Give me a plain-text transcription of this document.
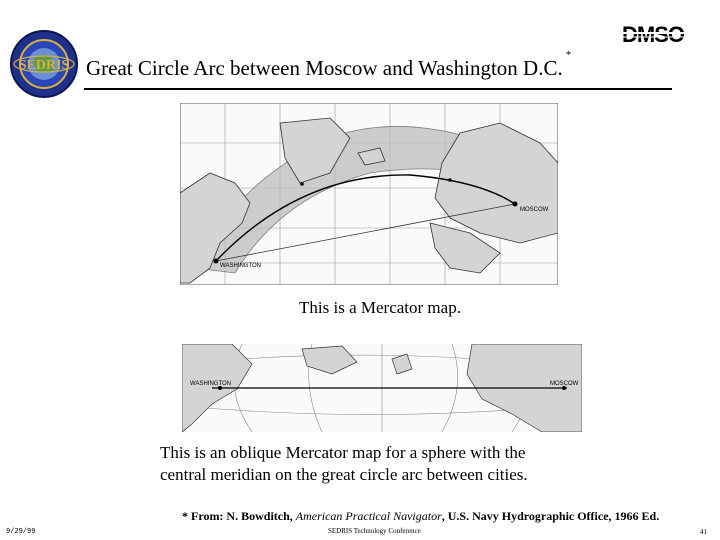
SEDRIS
DMSO
Great Circle Arc between Moscow and Washington D.C.*
WASHINGTON
MOSCOW
This is a Mercator map.
WASHINGTON	MOSCOW
This is an oblique Mercator map for a sphere with the
central meridian on the great circle arc between cities.
* From: N. Bowditch, American Practical Navigator, U.S. Navy Hydrographic Office, 1966 Ed.
9/29/99	SEDRIS Technology Conference	41
